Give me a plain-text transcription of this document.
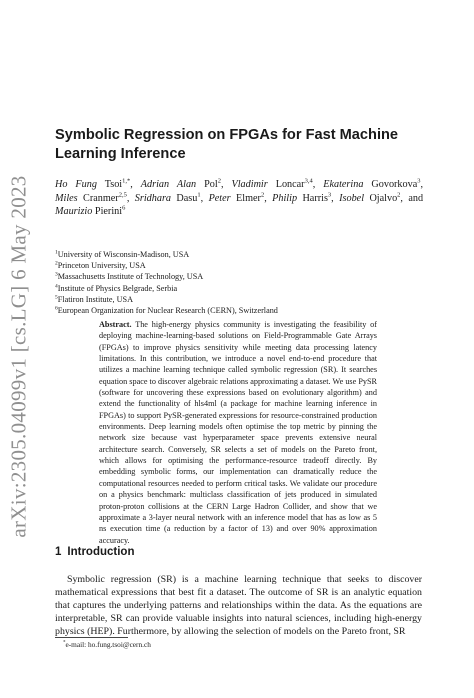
arXiv:2305.04099v1 [cs.LG] 6 May 2023
Symbolic Regression on FPGAs for Fast Machine Learning Inference
Ho Fung Tsoi$^{1,*}$, Adrian Alan Pol$^2$, Vladimir Loncar$^{3,4}$, Ekaterina Govorkova$^3$, Miles Cranmer$^{2,5}$, Sridhara Dasu$^1$, Peter Elmer$^2$, Philip Harris$^3$, Isobel Ojalvo$^2$, and Maurizio Pierini$^6$
$^1$University of Wisconsin-Madison, USA
$^2$Princeton University, USA
$^3$Massachusetts Institute of Technology, USA
$^4$Institute of Physics Belgrade, Serbia
$^5$Flatiron Institute, USA
$^6$European Organization for Nuclear Research (CERN), Switzerland

Abstract. The high-energy physics community is investigating the feasibility of deploying machine-learning-based solutions on Field-Programmable Gate Arrays (FPGAs) to improve physics sensitivity while meeting data processing latency limitations. In this contribution, we introduce a novel end-to-end procedure that utilizes a machine learning technique called symbolic regression (SR). It searches equation space to discover algebraic relations approximating a dataset. We use PySR (software for uncovering these expressions based on evolutionary algorithm) and extend the functionality of hls4ml (a package for machine learning inference in FPGAs) to support PySR-generated expressions for resource-constrained production environments. Deep learning models often optimise the top metric by pinning the network size because vast hyperparameter space prevents extensive neural architecture search. Conversely, SR selects a set of models on the Pareto front, which allows for optimising the performance-resource tradeoff directly. By embedding symbolic forms, our implementation can dramatically reduce the computational resources needed to perform critical tasks. We validate our procedure on a physics benchmark: multiclass classification of jets produced in simulated proton-proton collisions at the CERN Large Hadron Collider, and show that we approximate a 3-layer neural network with an inference model that has as low as 5 ns execution time (a reduction by a factor of 13) and over 90% approximation accuracy.

1 Introduction

Symbolic regression (SR) is a machine learning technique that seeks to discover mathematical expressions that best fit a dataset. The outcome of SR is an analytic equation that captures the underlying patterns and relationships within the data. As the equations are interpretable, SR can provide valuable insights into natural sciences, including high-energy physics (HEP). Furthermore, by allowing the selection of models on the Pareto front, SR

*e-mail: ho.fung.tsoi@cern.ch
